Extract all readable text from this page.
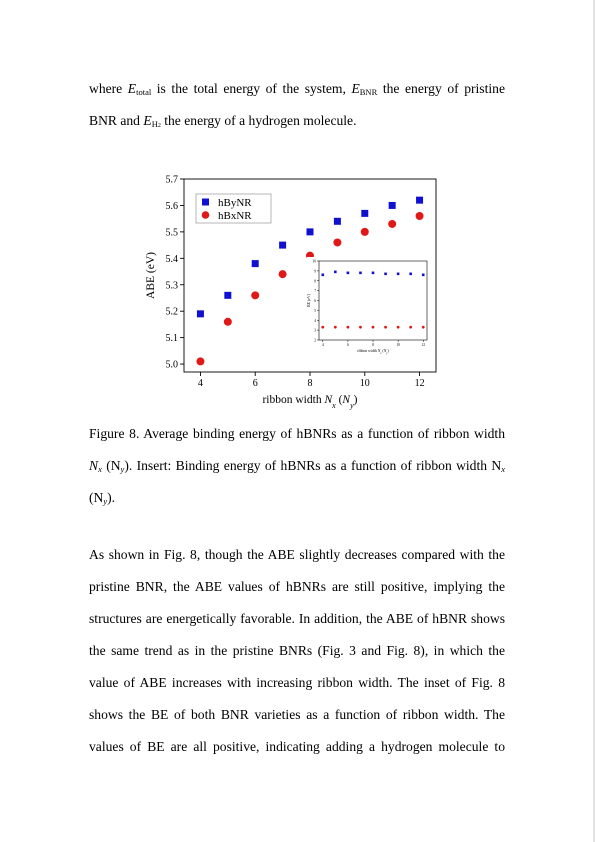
where $E_{total}$ is the total energy of the system, $E_{BNR}$ the energy of pristine
BNR and $E_{H2}$ the energy of a hydrogen molecule.
5.0
5.1
5.2
5.3
5.4
5.5
5.6
5.7
4	6	8	10	12
ABE (eV)
ribbon width $N_x$ $(N_y)$
hByNR
hBxNR
2
3
4
5
6
7
8
9
10
4	6	8	10	12
BE (eV)
ribbon width $N_x$ $(N_y)$
Figure 8. Average binding energy of hBNRs as a function of ribbon width
$N_x$ $(N_y)$. Insert: Binding energy of hBNRs as a function of ribbon width $N_x$
$(N_y)$.
As shown in Fig. 8, though the ABE slightly decreases compared with the
pristine BNR, the ABE values of hBNRs are still positive, implying the
structures are energetically favorable. In addition, the ABE of hBNR shows
the same trend as in the pristine BNRs (Fig. 3 and Fig. 8), in which the
value of ABE increases with increasing ribbon width. The inset of Fig. 8
shows the BE of both BNR varieties as a function of ribbon width. The
values of BE are all positive, indicating adding a hydrogen molecule to
